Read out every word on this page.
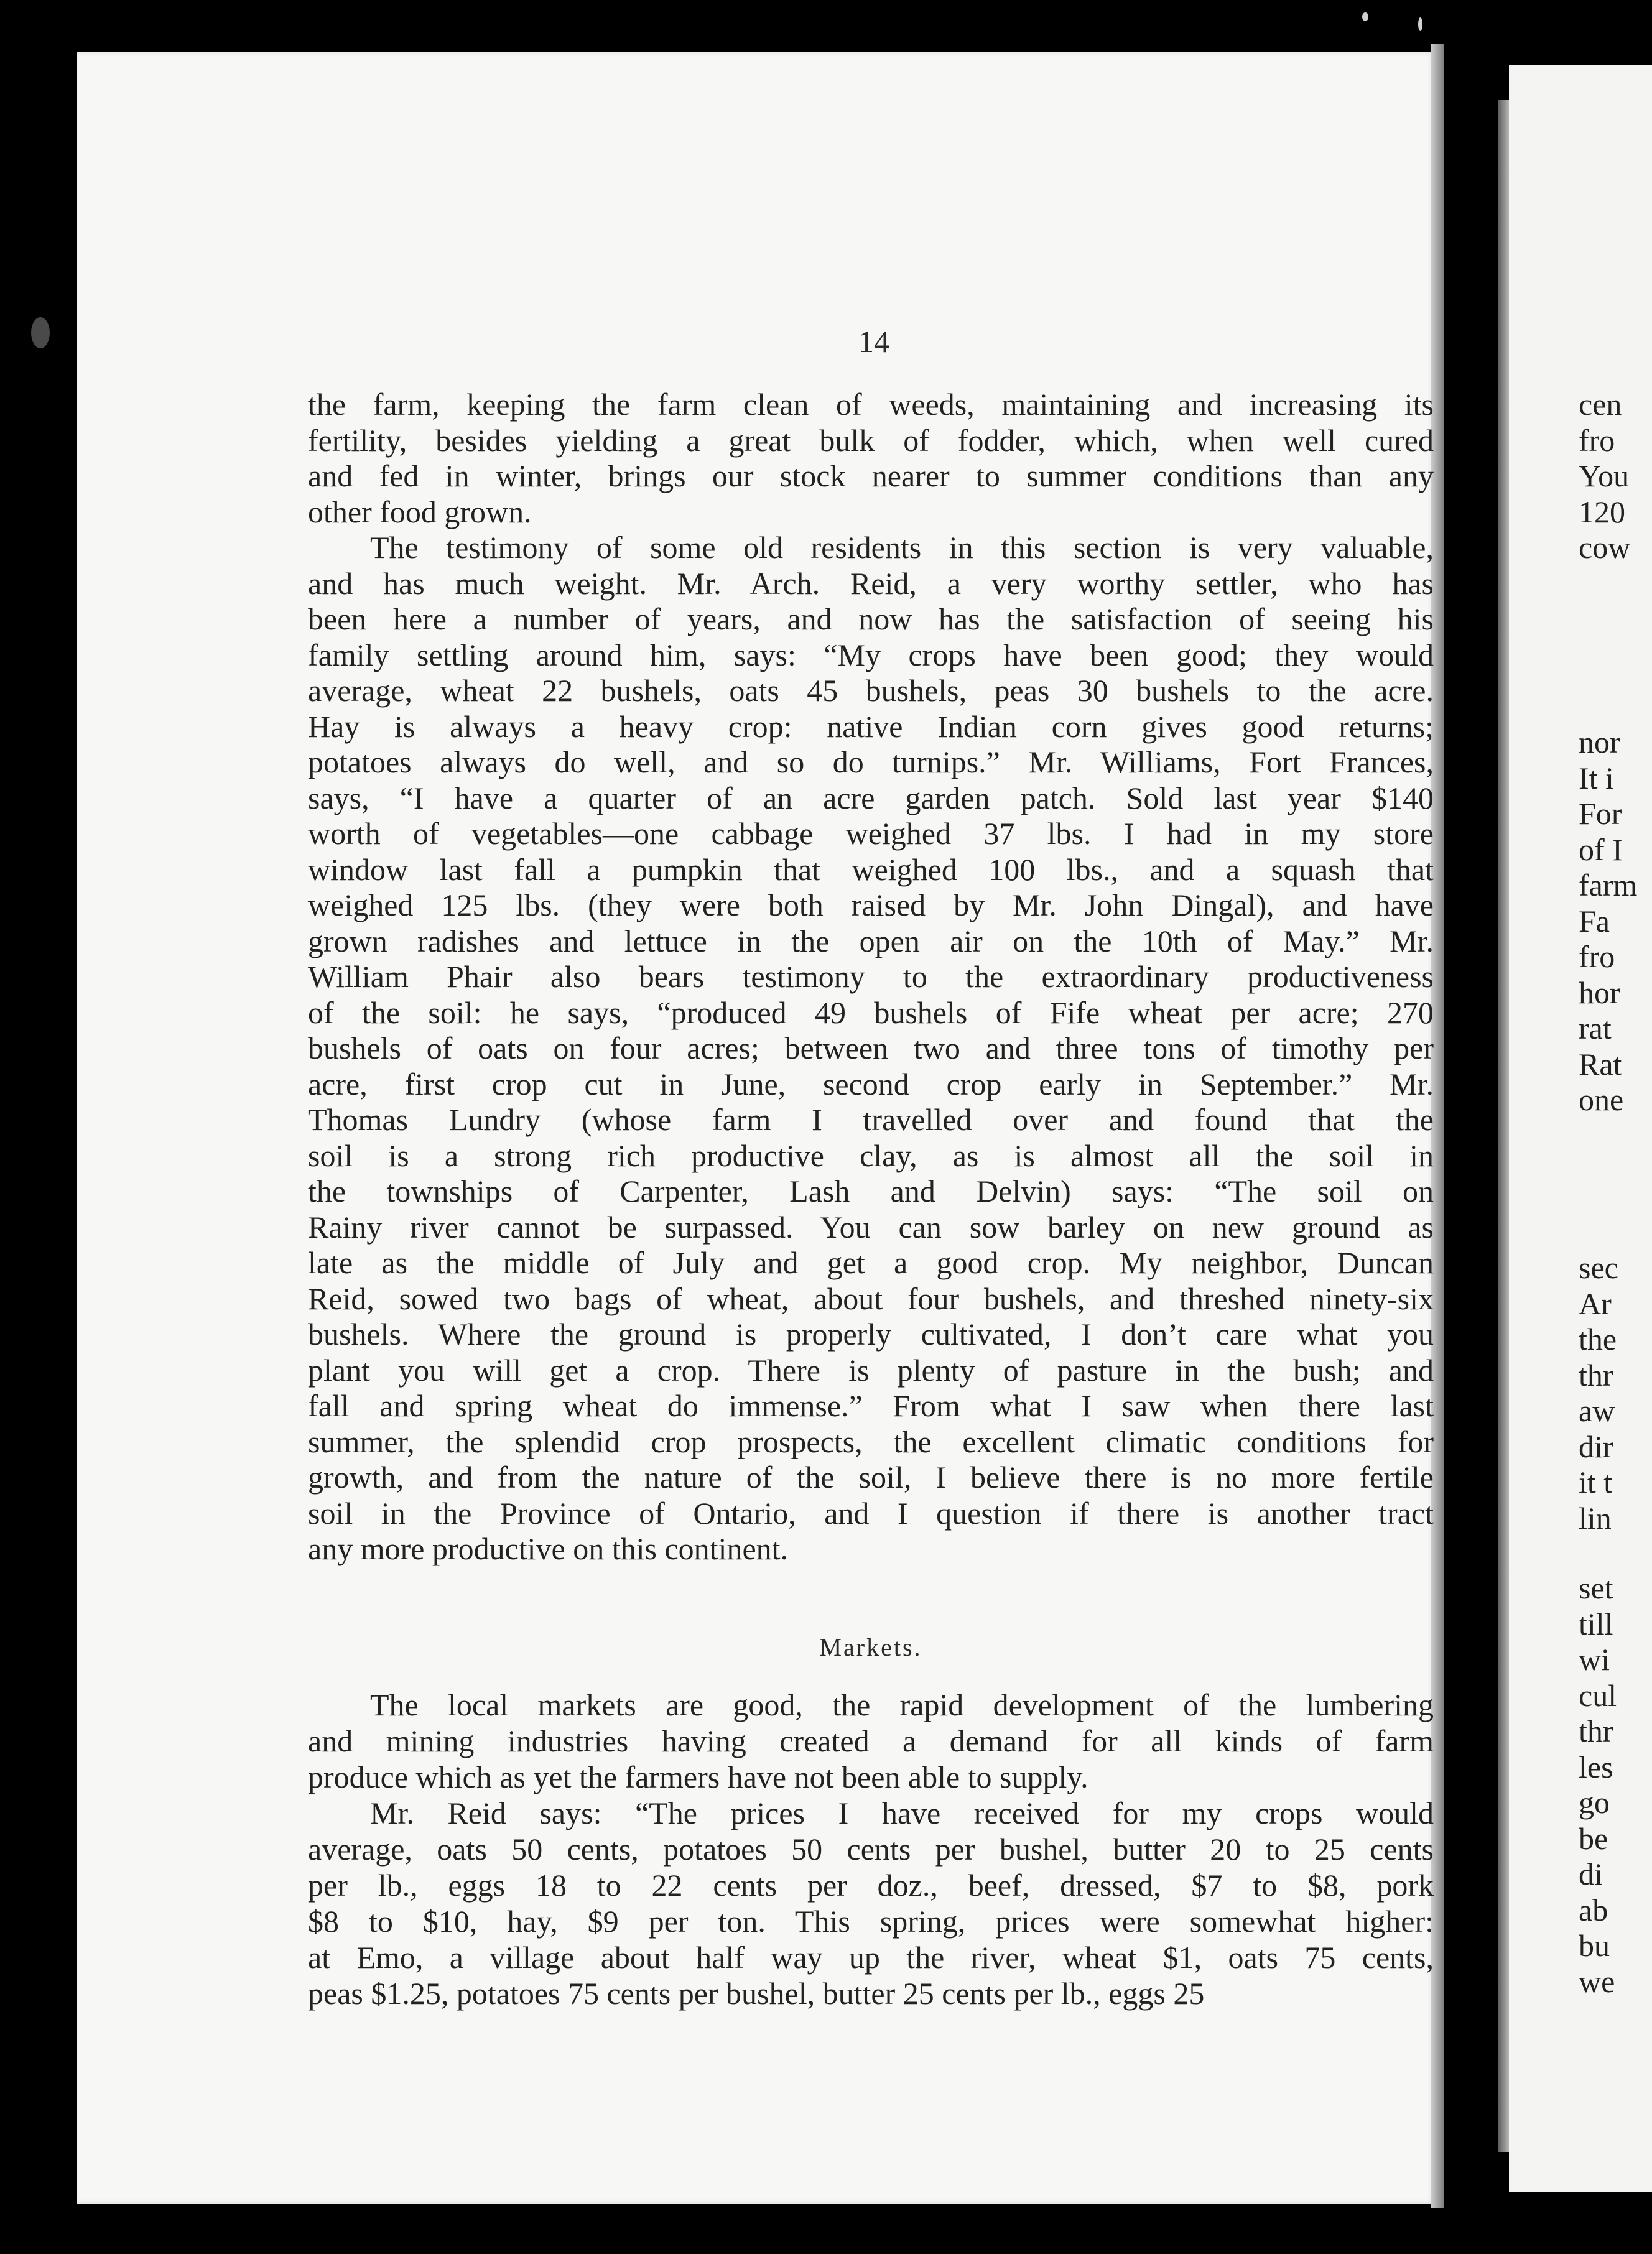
14
the farm, keeping the farm clean of weeds, maintaining and increasing its
fertility, besides yielding a great bulk of fodder, which, when well cured
and fed in winter, brings our stock nearer to summer conditions than any
other food grown.
The testimony of some old residents in this section is very valuable,
and has much weight. Mr. Arch. Reid, a very worthy settler, who has
been here a number of years, and now has the satisfaction of seeing his
family settling around him, says: “My crops have been good; they would
average, wheat 22 bushels, oats 45 bushels, peas 30 bushels to the acre.
Hay is always a heavy crop: native Indian corn gives good returns;
potatoes always do well, and so do turnips.” Mr. Williams, Fort Frances,
says, “I have a quarter of an acre garden patch. Sold last year $140
worth of vegetables—one cabbage weighed 37 lbs. I had in my store
window last fall a pumpkin that weighed 100 lbs., and a squash that
weighed 125 lbs. (they were both raised by Mr. John Dingal), and have
grown radishes and lettuce in the open air on the 10th of May.” Mr.
William Phair also bears testimony to the extraordinary productiveness
of the soil: he says, “produced 49 bushels of Fife wheat per acre; 270
bushels of oats on four acres; between two and three tons of timothy per
acre, first crop cut in June, second crop early in September.” Mr.
Thomas Lundry (whose farm I travelled over and found that the
soil is a strong rich productive clay, as is almost all the soil in
the townships of Carpenter, Lash and Delvin) says: “The soil on
Rainy river cannot be surpassed. You can sow barley on new ground as
late as the middle of July and get a good crop. My neighbor, Duncan
Reid, sowed two bags of wheat, about four bushels, and threshed ninety-six
bushels. Where the ground is properly cultivated, I don’t care what you
plant you will get a crop. There is plenty of pasture in the bush; and
fall and spring wheat do immense.” From what I saw when there last
summer, the splendid crop prospects, the excellent climatic conditions for
growth, and from the nature of the soil, I believe there is no more fertile
soil in the Province of Ontario, and I question if there is another tract
any more productive on this continent.
Markets.
The local markets are good, the rapid development of the lumbering
and mining industries having created a demand for all kinds of farm
produce which as yet the farmers have not been able to supply.
Mr. Reid says: “The prices I have received for my crops would
average, oats 50 cents, potatoes 50 cents per bushel, butter 20 to 25 cents
per lb., eggs 18 to 22 cents per doz., beef, dressed, $7 to $8, pork
$8 to $10, hay, $9 per ton. This spring, prices were somewhat higher:
at Emo, a village about half way up the river, wheat $1, oats 75 cents,
peas $1.25, potatoes 75 cents per bushel, butter 25 cents per lb., eggs 25
cen
fro
You
120
cow
nor
It i
For
of I
farm
Fa
fro
hor
rat
Rat
one
sec
Ar
the
thr
aw
dir
it t
lin
set
till
wi
cul
thr
les
go
be
di
ab
bu
we
